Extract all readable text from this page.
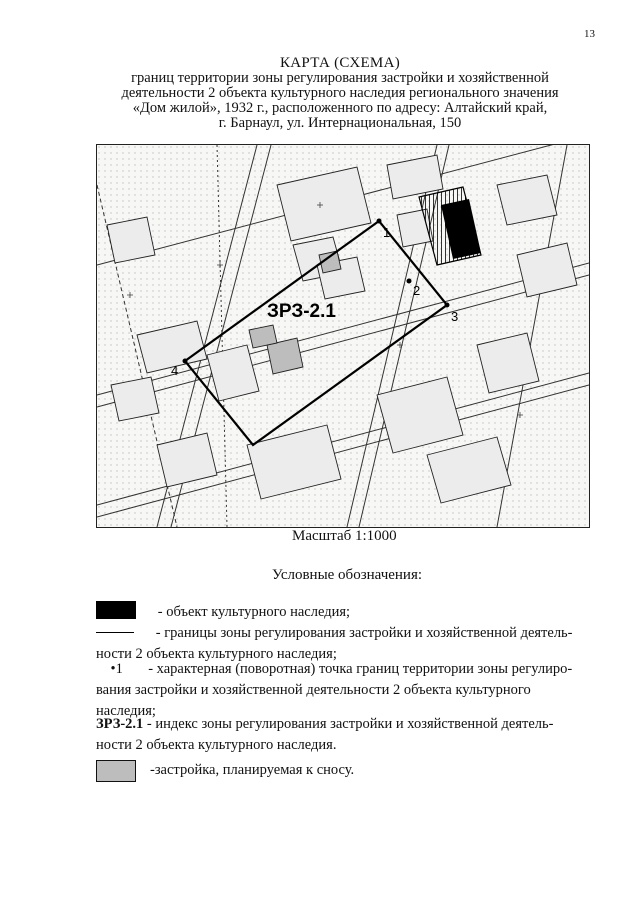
13
КАРТА (СХЕМА)
границ территории зоны регулирования застройки и хозяйственной
деятельности 2 объекта культурного наследия регионального значения
«Дом жилой», 1932 г., расположенного по адресу: Алтайский край,
г. Барнаул, ул. Интернациональная, 150
1
2
3
4
ЗРЗ-2.1
Масштаб 1:1000
Условные обозначения:
- объект культурного наследия;
- границы зоны регулирования застройки и хозяйственной деятель-
ности 2 объекта культурного наследия;
•1 - характерная (поворотная) точка границ территории зоны регулиро-
вания застройки и хозяйственной деятельности 2 объекта культурного
наследия;
ЗРЗ-2.1 - индекс зоны регулирования застройки и хозяйственной деятель-
ности 2 объекта культурного наследия.
-застройка, планируемая к сносу.
